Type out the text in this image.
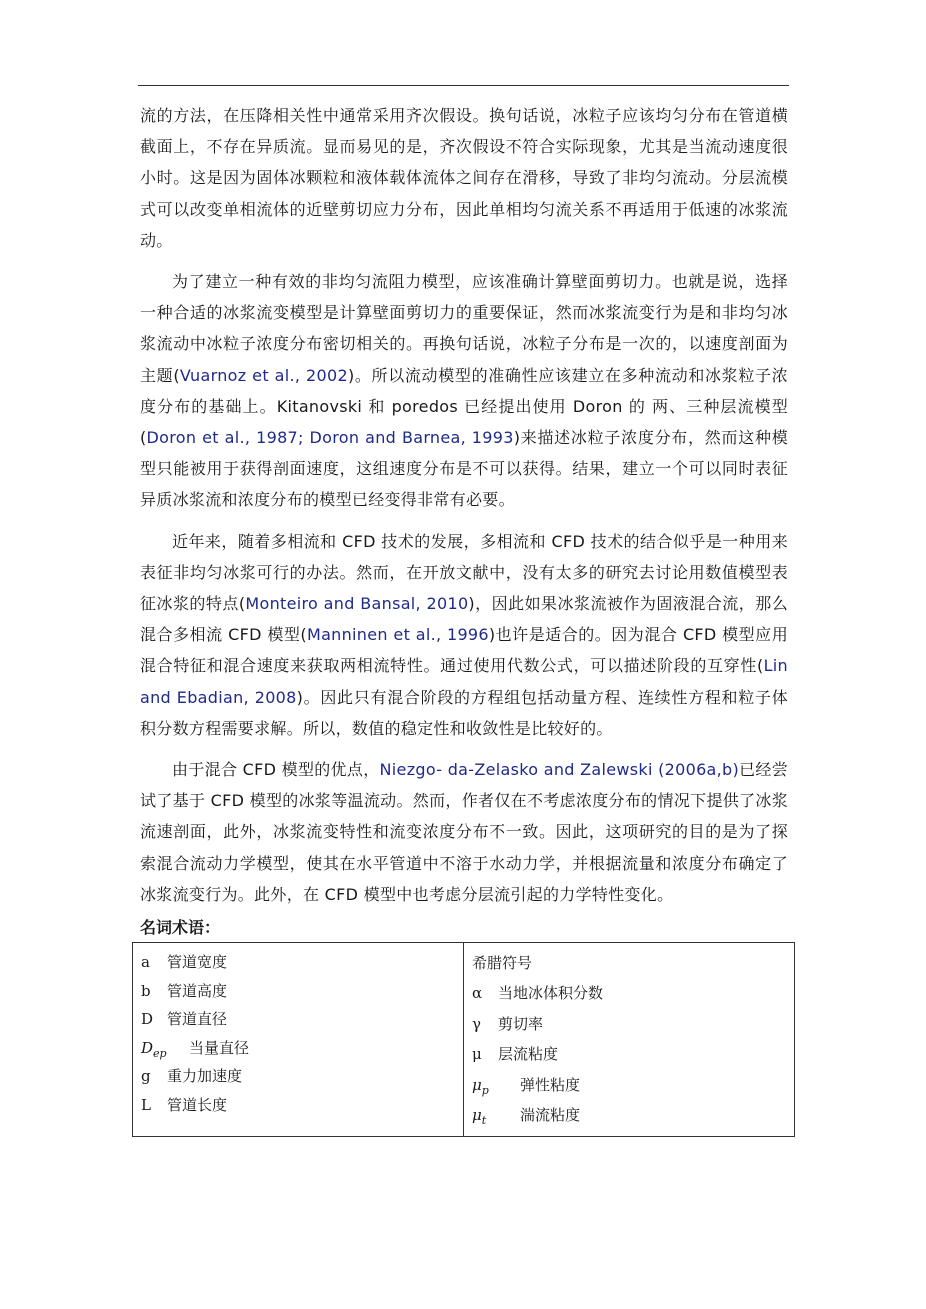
流的方法，在压降相关性中通常采用齐次假设。换句话说，冰粒子应该均匀分布在管道横截面上，不存在异质流。显而易见的是，齐次假设不符合实际现象，尤其是当流动速度很小时。这是因为固体冰颗粒和液体载体流体之间存在滑移，导致了非均匀流动。分层流模式可以改变单相流体的近壁剪切应力分布，因此单相均匀流关系不再适用于低速的冰浆流动。

为了建立一种有效的非均匀流阻力模型，应该准确计算壁面剪切力。也就是说，选择一种合适的冰浆流变模型是计算壁面剪切力的重要保证，然而冰浆流变行为是和非均匀冰浆流动中冰粒子浓度分布密切相关的。再换句话说，冰粒子分布是一次的，以速度剖面为主题(Vuarnoz et al., 2002)。所以流动模型的准确性应该建立在多种流动和冰浆粒子浓度分布的基础上。Kitanovski 和 poredos 已经提出使用 Doron 的 两、三种层流模型(Doron et al., 1987; Doron and Barnea, 1993)来描述冰粒子浓度分布，然而这种模型只能被用于获得剖面速度，这组速度分布是不可以获得。结果，建立一个可以同时表征异质冰浆流和浓度分布的模型已经变得非常有必要。

近年来，随着多相流和 CFD 技术的发展，多相流和 CFD 技术的结合似乎是一种用来表征非均匀冰浆可行的办法。然而，在开放文献中，没有太多的研究去讨论用数值模型表征冰浆的特点(Monteiro and Bansal, 2010)，因此如果冰浆流被作为固液混合流，那么混合多相流 CFD 模型(Manninen et al., 1996)也许是适合的。因为混合 CFD 模型应用混合特征和混合速度来获取两相流特性。通过使用代数公式，可以描述阶段的互穿性(Lin and Ebadian, 2008)。因此只有混合阶段的方程组包括动量方程、连续性方程和粒子体积分数方程需要求解。所以，数值的稳定性和收敛性是比较好的。

由于混合 CFD 模型的优点，Niezgo- da-Zelasko and Zalewski (2006a,b)已经尝试了基于 CFD 模型的冰浆等温流动。然而，作者仅在不考虑浓度分布的情况下提供了冰浆流速剖面，此外，冰浆流变特性和流变浓度分布不一致。因此，这项研究的目的是为了探索混合流动力学模型，使其在水平管道中不溶于水动力学，并根据流量和浓度分布确定了冰浆流变行为。此外，在 CFD 模型中也考虑分层流引起的力学特性变化。

名词术语：
a 管道宽度
b 管道高度
D 管道直径
$D_{ep}$ 当量直径
g 重力加速度
L 管道长度

希腊符号
α 当地冰体积分数
γ 剪切率
μ 层流粘度
$\mu_p$ 弹性粘度
$\mu_t$ 湍流粘度
